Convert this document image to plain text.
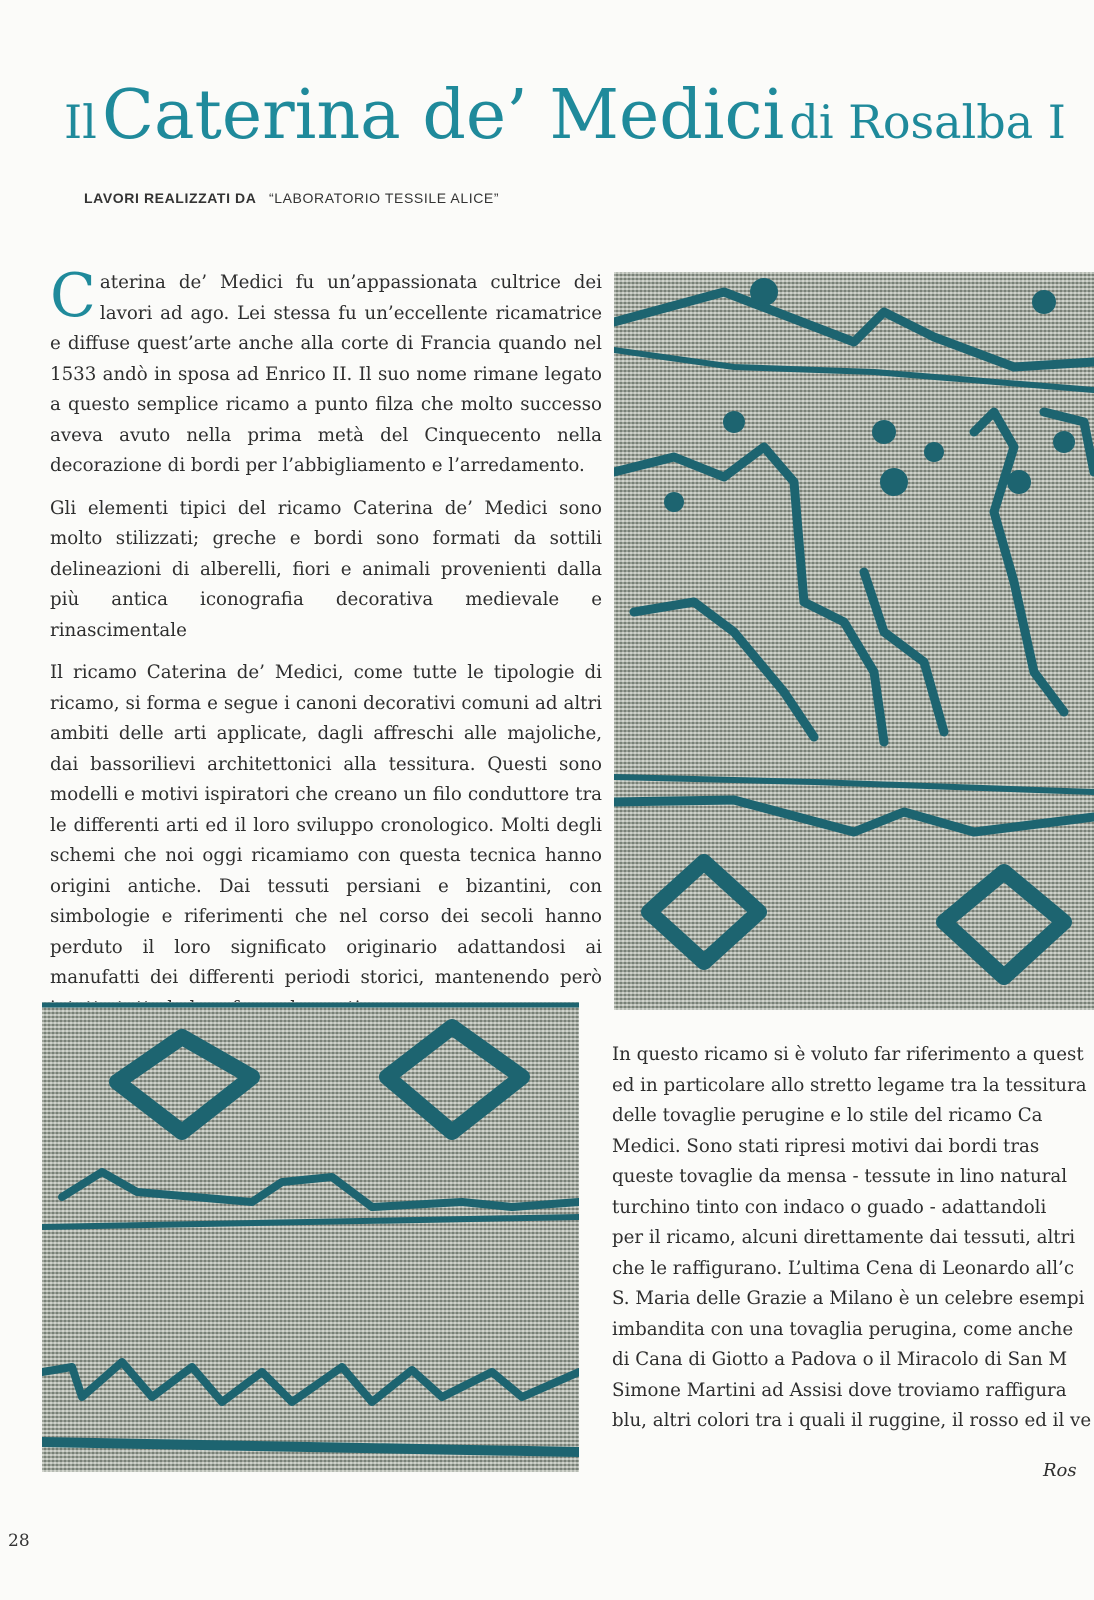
Il Caterina de’ Medici di Rosalba I
LAVORI REALIZZATI DA “LABORATORIO TESSILE ALICE”

Caterina de’ Medici fu un’appassionata cultrice dei lavori ad ago. Lei stessa fu un’eccellente ricamatrice e diffuse quest’arte anche alla corte di Francia quando nel 1533 andò in sposa ad Enrico II. Il suo nome rimane legato a questo semplice ricamo a punto filza che molto successo aveva avuto nella prima metà del Cinquecento nella decorazione di bordi per l’abbigliamento e l’arredamento.

Gli elementi tipici del ricamo Caterina de’ Medici sono molto stilizzati; greche e bordi sono formati da sottili delineazioni di alberelli, fiori e animali provenienti dalla più antica iconografia decorativa medievale e rinascimentale

Il ricamo Caterina de’ Medici, come tutte le tipologie di ricamo, si forma e segue i canoni decorativi comuni ad altri ambiti delle arti applicate, dagli affreschi alle majoliche, dai bassorilievi architettonici alla tessitura. Questi sono modelli e motivi ispiratori che creano un filo conduttore tra le differenti arti ed il loro sviluppo cronologico. Molti degli schemi che noi oggi ricamiamo con questa tecnica hanno origini antiche. Dai tessuti persiani e bizantini, con simbologie e riferimenti che nel corso dei secoli hanno perduto il loro significato originario adattandosi ai manufatti dei differenti periodi storici, mantenendo però

In questo ricamo si è voluto far riferimento a quest

ed in particolare allo stretto legame tra la tessitura

delle tovaglie perugine e lo stile del ricamo Ca

Medici. Sono stati ripresi motivi dai bordi tras

queste tovaglie da mensa - tessute in lino natural

turchino tinto con indaco o guado - adattandoli

per il ricamo, alcuni direttamente dai tessuti, altri

che le raffigurano. L’ultima Cena di Leonardo all’c

S. Maria delle Grazie a Milano è un celebre esempi

imbandita con una tovaglia perugina, come anche

di Cana di Giotto a Padova o il Miracolo di San M

Simone Martini ad Assisi dove troviamo raffigura

blu, altri colori tra i quali il ruggine, il rosso ed il ve

Ros
28
